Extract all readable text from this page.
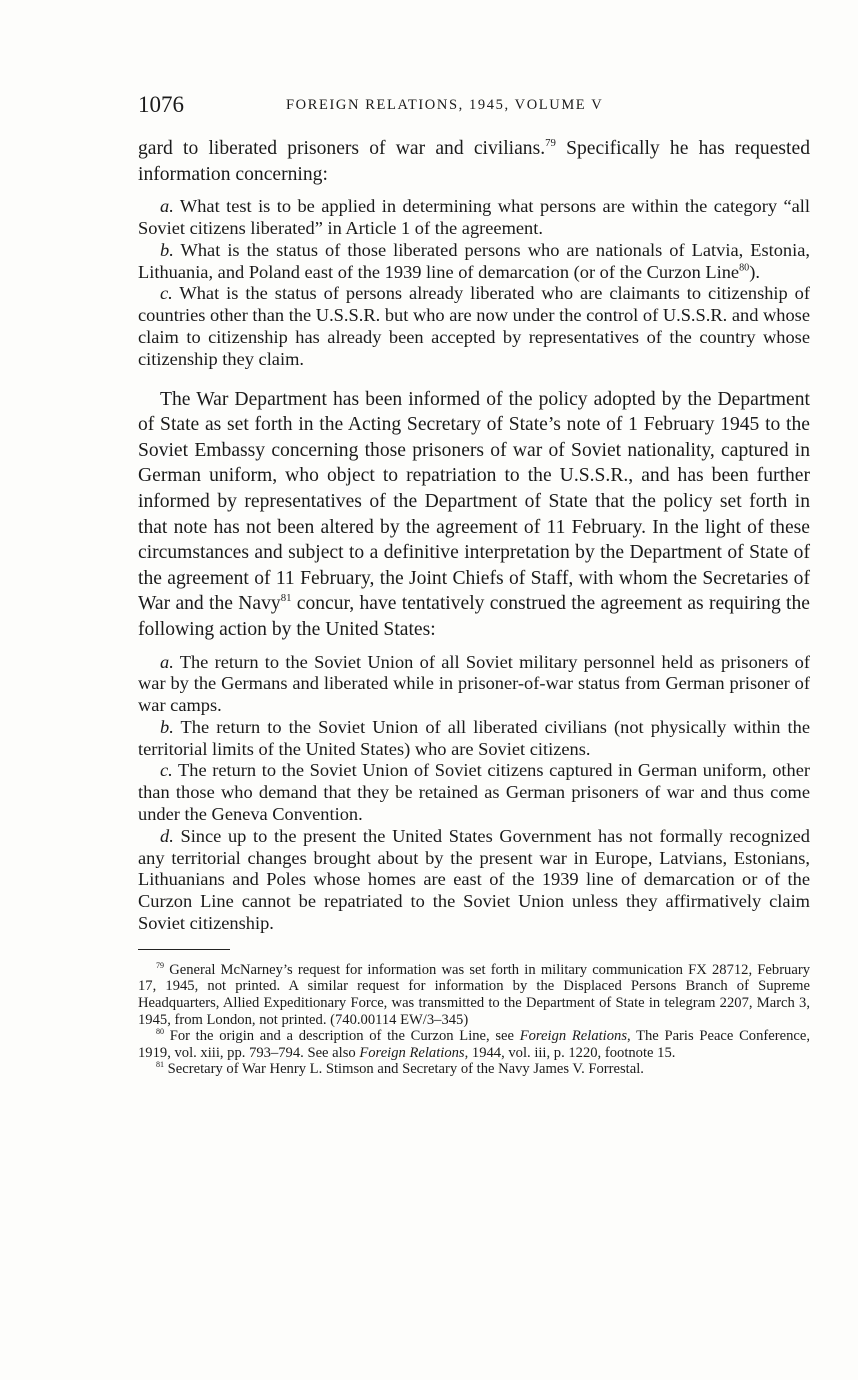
1076	FOREIGN RELATIONS, 1945, VOLUME V

gard to liberated prisoners of war and civilians.$^{79}$ Specifically he has requested information concerning:

a. What test is to be applied in determining what persons are within the category “all Soviet citizens liberated” in Article 1 of the agreement.

b. What is the status of those liberated persons who are nationals of Latvia, Estonia, Lithuania, and Poland east of the 1939 line of demarcation (or of the Curzon Line$^{80}$).

c. What is the status of persons already liberated who are claimants to citizenship of countries other than the U.S.S.R. but who are now under the control of U.S.S.R. and whose claim to citizenship has already been accepted by representatives of the country whose citizenship they claim.

The War Department has been informed of the policy adopted by the Department of State as set forth in the Acting Secretary of State’s note of 1 February 1945 to the Soviet Embassy concerning those prisoners of war of Soviet nationality, captured in German uniform, who object to repatriation to the U.S.S.R., and has been further informed by representatives of the Department of State that the policy set forth in that note has not been altered by the agreement of 11 February. In the light of these circumstances and subject to a definitive interpretation by the Department of State of the agreement of 11 February, the Joint Chiefs of Staff, with whom the Secretaries of War and the Navy$^{81}$ concur, have tentatively construed the agreement as requiring the following action by the United States:

a. The return to the Soviet Union of all Soviet military personnel held as prisoners of war by the Germans and liberated while in prisoner-of-war status from German prisoner of war camps.

b. The return to the Soviet Union of all liberated civilians (not physically within the territorial limits of the United States) who are Soviet citizens.

c. The return to the Soviet Union of Soviet citizens captured in German uniform, other than those who demand that they be retained as German prisoners of war and thus come under the Geneva Convention.

d. Since up to the present the United States Government has not formally recognized any territorial changes brought about by the present war in Europe, Latvians, Estonians, Lithuanians and Poles whose homes are east of the 1939 line of demarcation or of the Curzon Line cannot be repatriated to the Soviet Union unless they affirmatively claim Soviet citizenship.

$^{79}$ General McNarney’s request for information was set forth in military communication FX 28712, February 17, 1945, not printed. A similar request for information by the Displaced Persons Branch of Supreme Headquarters, Allied Expeditionary Force, was transmitted to the Department of State in telegram 2207, March 3, 1945, from London, not printed. (740.00114 EW/3–345)

$^{80}$ For the origin and a description of the Curzon Line, see Foreign Relations, The Paris Peace Conference, 1919, vol. xiii, pp. 793–794. See also Foreign Relations, 1944, vol. iii, p. 1220, footnote 15.

$^{81}$ Secretary of War Henry L. Stimson and Secretary of the Navy James V. Forrestal.
